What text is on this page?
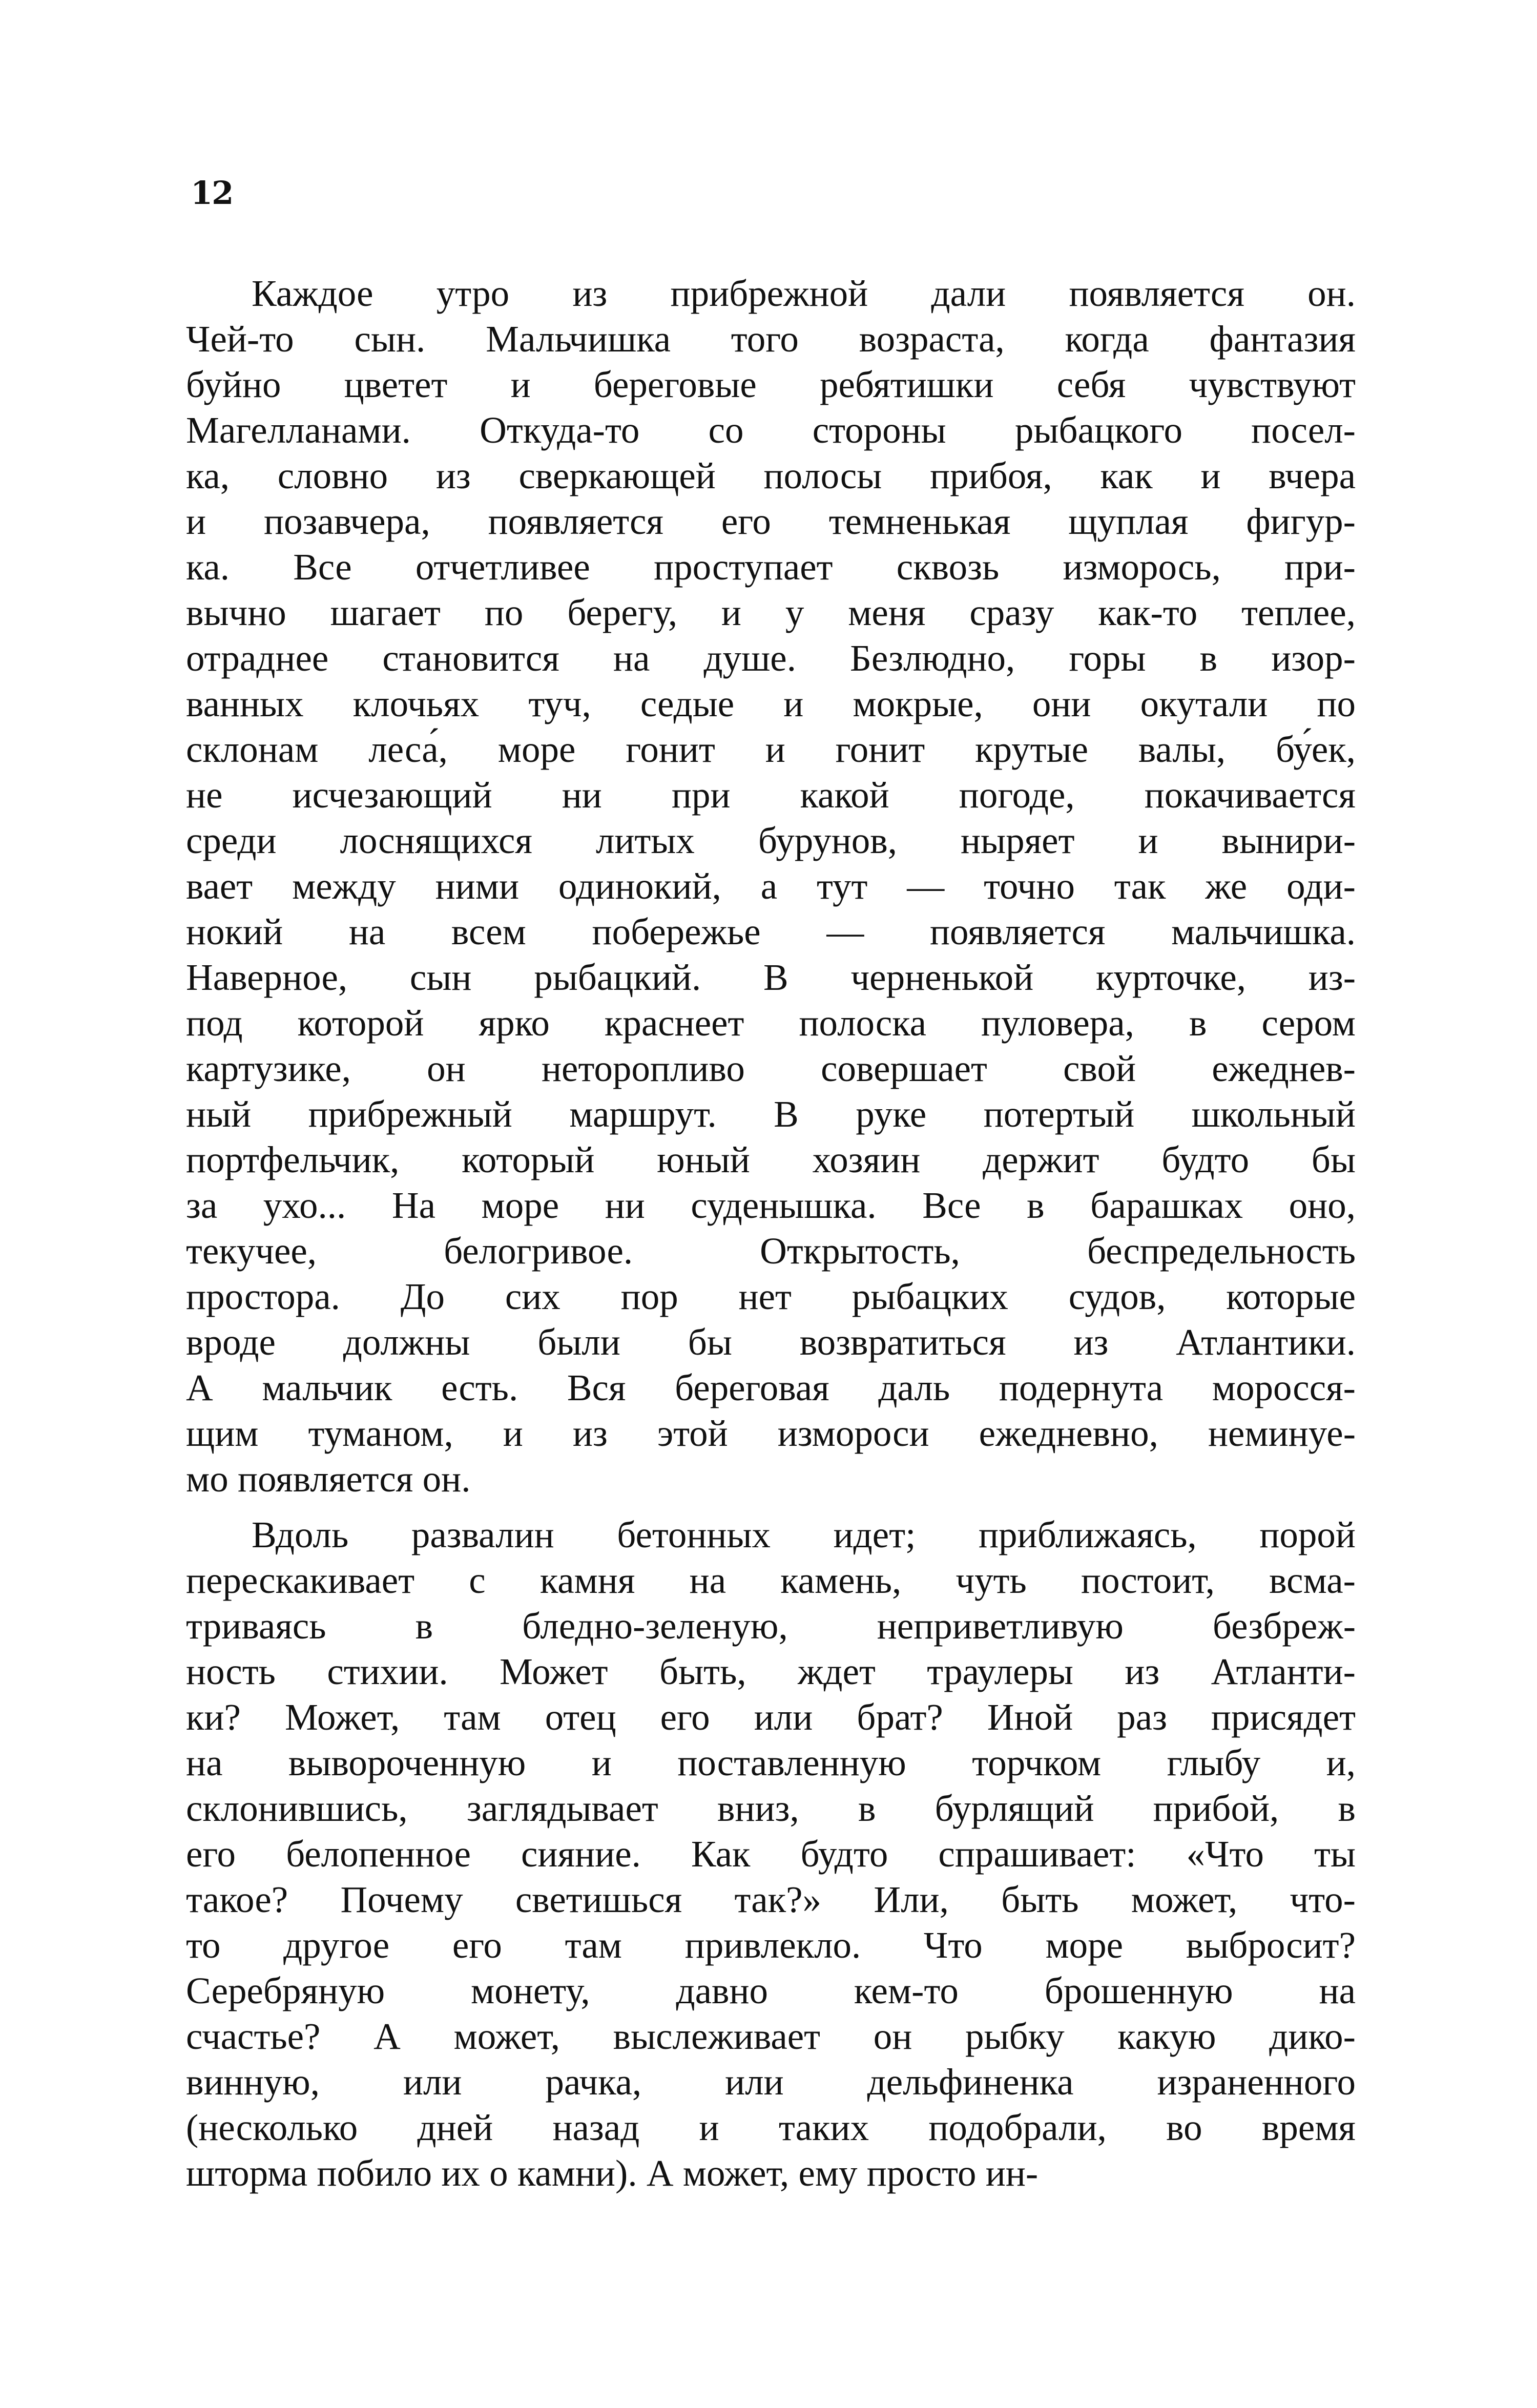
12

Каждое утро из прибрежной дали появляется он.
Чей-то сын. Мальчишка того возраста, когда фантазия
буйно цветет и береговые ребятишки себя чувствуют
Магелланами. Откуда-то со стороны рыбацкого посел-
ка, словно из сверкающей полосы прибоя, как и вчера
и позавчера, появляется его темненькая щуплая фигур-
ка. Все отчетливее проступает сквозь изморось, при-
вычно шагает по берегу, и у меня сразу как-то теплее,
отраднее становится на душе. Безлюдно, горы в изор-
ванных клочьях туч, седые и мокрые, они окутали по
склонам леса́, море гонит и гонит крутые валы, бу́ек,
не исчезающий ни при какой погоде, покачивается
среди лоснящихся литых бурунов, ныряет и вынири-
вает между ними одинокий, а тут — точно так же оди-
нокий на всем побережье — появляется мальчишка.
Наверное, сын рыбацкий. В черненькой курточке, из-
под которой ярко краснеет полоска пуловера, в сером
картузике, он неторопливо совершает свой ежеднев-
ный прибрежный маршрут. В руке потертый школьный
портфельчик, который юный хозяин держит будто бы
за ухо... На море ни суденышка. Все в барашках оно,
текучее, белогривое. Открытость, беспредельность
простора. До сих пор нет рыбацких судов, которые
вроде должны были бы возвратиться из Атлантики.
А мальчик есть. Вся береговая даль подернута моросся-
щим туманом, и из этой измороси ежедневно, неминуе-
мо появляется он.

Вдоль развалин бетонных идет; приближаясь, порой
перескакивает с камня на камень, чуть постоит, всма-
триваясь в бледно-зеленую, неприветливую безбреж-
ность стихии. Может быть, ждет траулеры из Атланти-
ки? Может, там отец его или брат? Иной раз присядет
на вывороченную и поставленную торчком глыбу и,
склонившись, заглядывает вниз, в бурлящий прибой, в
его белопенное сияние. Как будто спрашивает: «Что ты
такое? Почему светишься так?» Или, быть может, что-
то другое его там привлекло. Что море выбросит?
Серебряную монету, давно кем-то брошенную на
счастье? А может, выслеживает он рыбку какую дико-
винную, или рачка, или дельфиненка израненного
(несколько дней назад и таких подобрали, во время
шторма побило их о камни). А может, ему просто ин-
